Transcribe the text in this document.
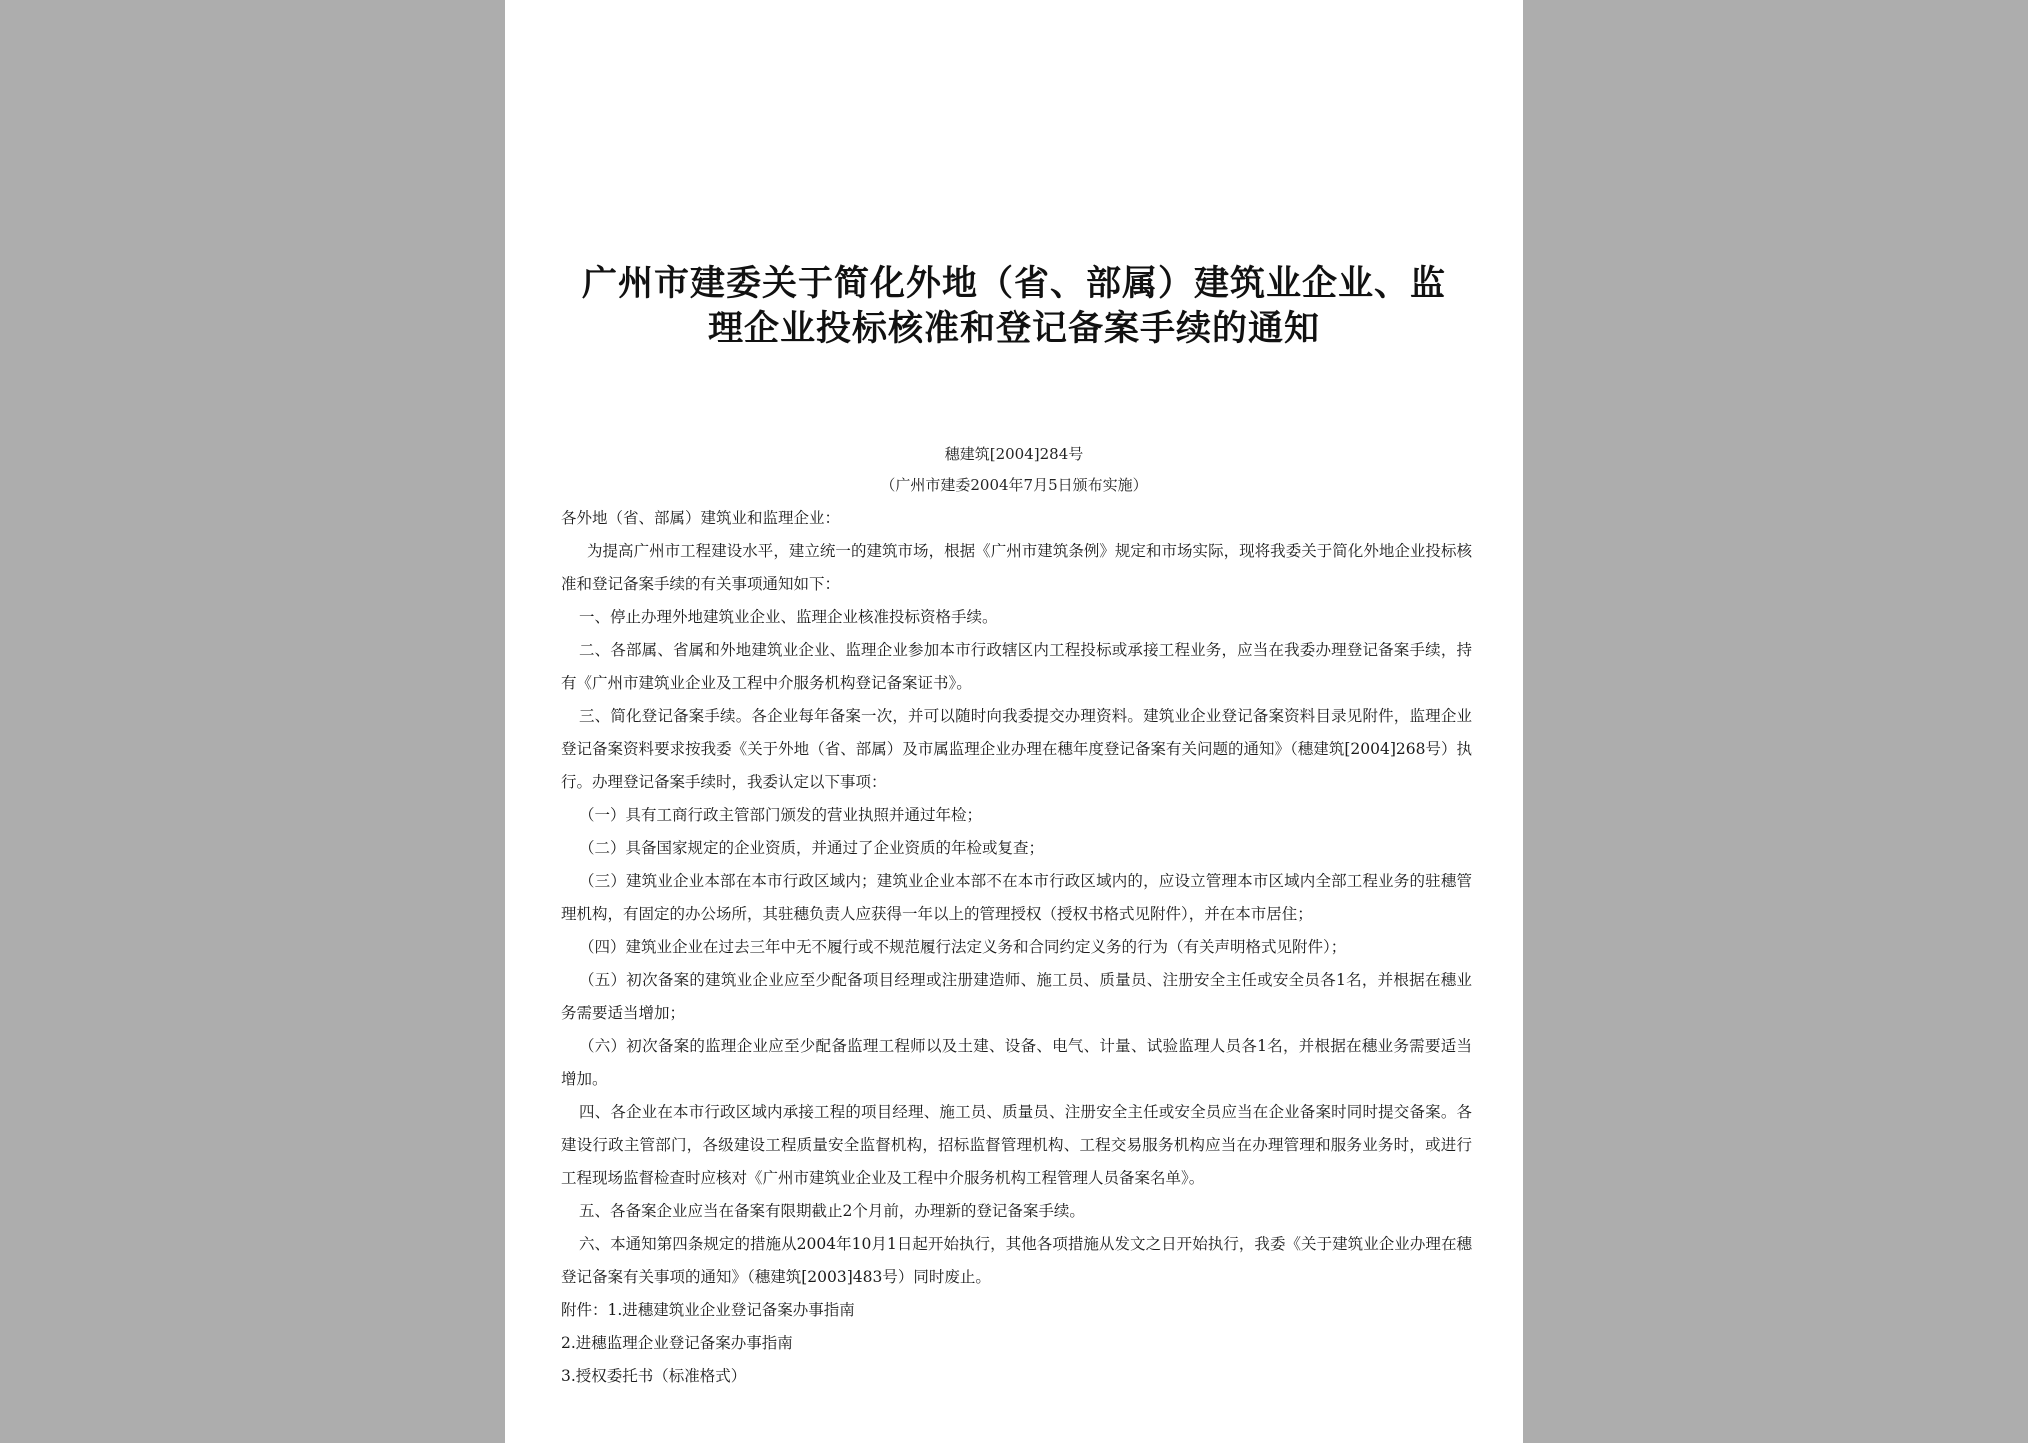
广州市建委关于简化外地（省、部属）建筑业企业、监
理企业投标核准和登记备案手续的通知
穗建筑[2004]284号
（广州市建委2004年7月5日颁布实施）

各外地（省、部属）建筑业和监理企业：

为提高广州市工程建设水平，建立统一的建筑市场，根据《广州市建筑条例》规定和市场实际，现将我委关于简化外地企业投标核准和登记备案手续的有关事项通知如下：

一、停止办理外地建筑业企业、监理企业核准投标资格手续。

二、各部属、省属和外地建筑业企业、监理企业参加本市行政辖区内工程投标或承接工程业务，应当在我委办理登记备案手续，持有《广州市建筑业企业及工程中介服务机构登记备案证书》。

三、简化登记备案手续。各企业每年备案一次，并可以随时向我委提交办理资料。建筑业企业登记备案资料目录见附件，监理企业登记备案资料要求按我委《关于外地（省、部属）及市属监理企业办理在穗年度登记备案有关问题的通知》（穗建筑[2004]268号）执行。办理登记备案手续时，我委认定以下事项：

（一）具有工商行政主管部门颁发的营业执照并通过年检；

（二）具备国家规定的企业资质，并通过了企业资质的年检或复查；

（三）建筑业企业本部在本市行政区域内；建筑业企业本部不在本市行政区域内的，应设立管理本市区域内全部工程业务的驻穗管理机构，有固定的办公场所，其驻穗负责人应获得一年以上的管理授权（授权书格式见附件），并在本市居住；

（四）建筑业企业在过去三年中无不履行或不规范履行法定义务和合同约定义务的行为（有关声明格式见附件）；

（五）初次备案的建筑业企业应至少配备项目经理或注册建造师、施工员、质量员、注册安全主任或安全员各1名，并根据在穗业务需要适当增加；

（六）初次备案的监理企业应至少配备监理工程师以及土建、设备、电气、计量、试验监理人员各1名，并根据在穗业务需要适当增加。

四、各企业在本市行政区域内承接工程的项目经理、施工员、质量员、注册安全主任或安全员应当在企业备案时同时提交备案。各建设行政主管部门，各级建设工程质量安全监督机构，招标监督管理机构、工程交易服务机构应当在办理管理和服务业务时，或进行工程现场监督检查时应核对《广州市建筑业企业及工程中介服务机构工程管理人员备案名单》。

五、各备案企业应当在备案有限期截止2个月前，办理新的登记备案手续。

六、本通知第四条规定的措施从2004年10月1日起开始执行，其他各项措施从发文之日开始执行，我委《关于建筑业企业办理在穗登记备案有关事项的通知》（穗建筑[2003]483号）同时废止。

附件：1.进穗建筑业企业登记备案办事指南

2.进穗监理企业登记备案办事指南

3.授权委托书（标准格式）
